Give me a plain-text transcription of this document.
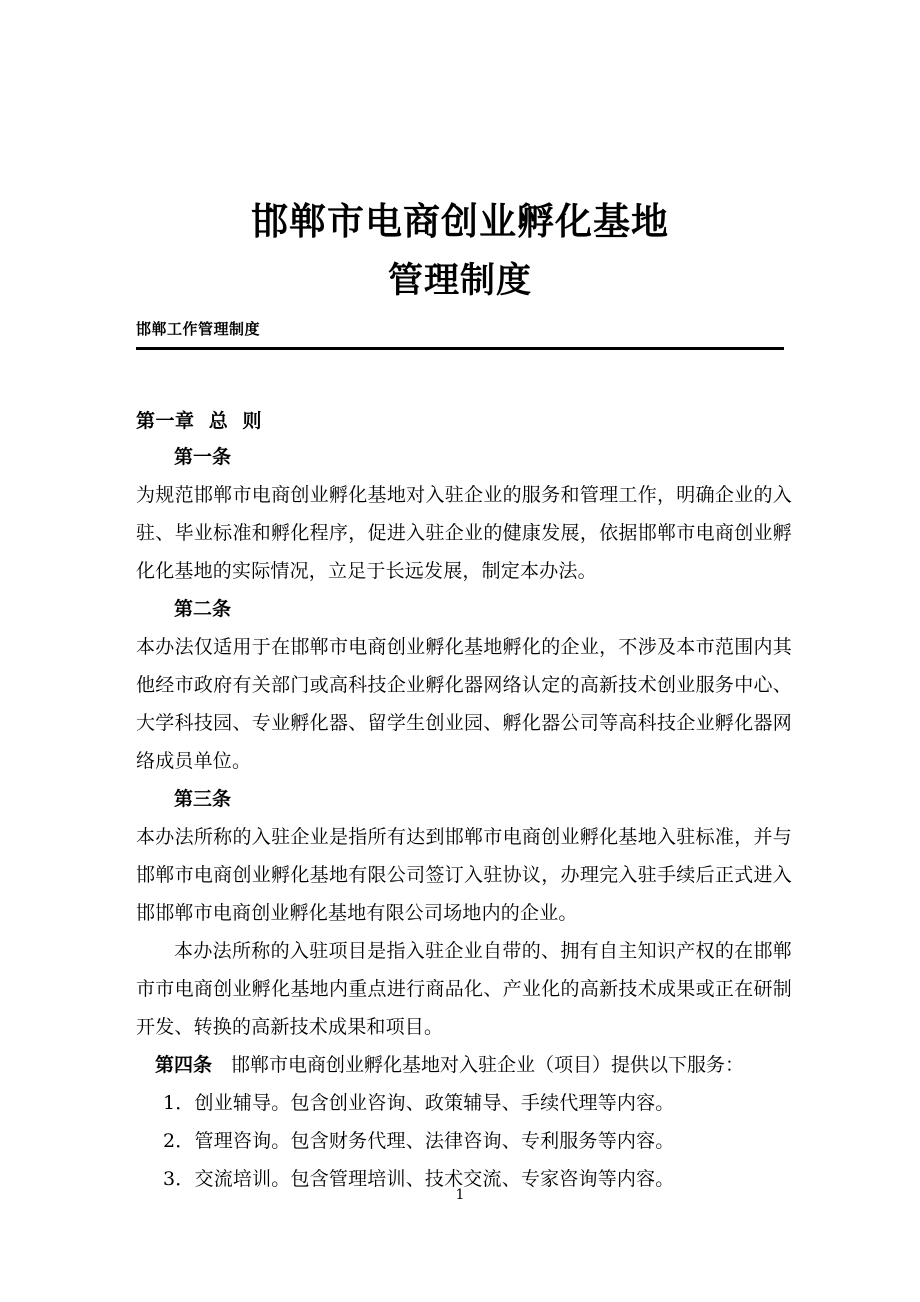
邯郸市电商创业孵化基地
管理制度
邯郸工作管理制度
第一章  总  则
第一条
为规范邯郸市电商创业孵化基地对入驻企业的服务和管理工作，明确企业的入驻、毕业标准和孵化程序，促进入驻企业的健康发展，依据邯郸市电商创业孵化化基地的实际情况，立足于长远发展，制定本办法。
第二条
本办法仅适用于在邯郸市电商创业孵化基地孵化的企业，不涉及本市范围内其他经市政府有关部门或高科技企业孵化器网络认定的高新技术创业服务中心、大学科技园、专业孵化器、留学生创业园、孵化器公司等高科技企业孵化器网络成员单位。
第三条
本办法所称的入驻企业是指所有达到邯郸市电商创业孵化基地入驻标准，并与邯郸市电商创业孵化基地有限公司签订入驻协议，办理完入驻手续后正式进入邯邯郸市电商创业孵化基地有限公司场地内的企业。
本办法所称的入驻项目是指入驻企业自带的、拥有自主知识产权的在邯郸市市电商创业孵化基地内重点进行商品化、产业化的高新技术成果或正在研制开发、转换的高新技术成果和项目。
第四条　 邯郸市电商创业孵化基地对入驻企业（项目）提供以下服务：
1．创业辅导。包含创业咨询、政策辅导、手续代理等内容。
2．管理咨询。包含财务代理、法律咨询、专利服务等内容。
3．交流培训。包含管理培训、技术交流、专家咨询等内容。
1
